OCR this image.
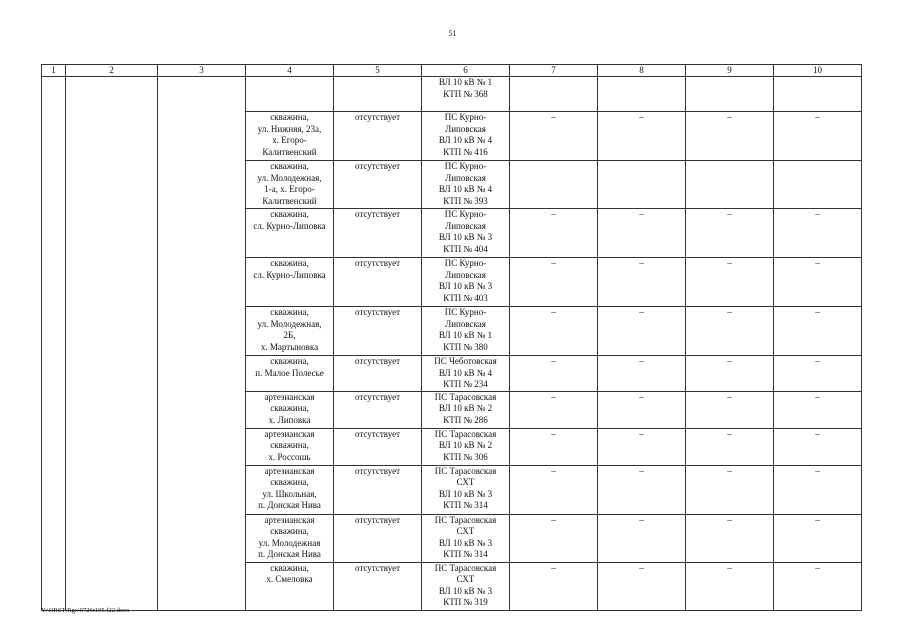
51
1	2	3	4	5	6	7	8	9	10

					ВЛ 10 кВ № 1
КТП № 368				

			скважина,
ул. Нижняя, 23а,
х. Егоро-
Калитвенский	отсутствует	ПС Курно-
Липовская
ВЛ 10 кВ № 4
КТП № 416	–	–	–	–

			скважина,
ул. Молодежная,
1-а, х. Егоро-
Калитвенский	отсутствует	ПС Курно-
Липовская
ВЛ 10 кВ № 4
КТП № 393				

			скважина,
сл. Курно-Липовка	отсутствует	ПС Курно-
Липовская
ВЛ 10 кВ № 3
КТП № 404	–	–	–	–

			скважина,
сл. Курно-Липовка	отсутствует	ПС Курно-
Липовская
ВЛ 10 кВ № 3
КТП № 403	–	–	–	–

			скважина,
ул. Молодежная,
2Б,
х. Мартыновка	отсутствует	ПС Курно-
Липовская
ВЛ 10 кВ № 1
КТП № 380	–	–	–	–

			скважина,
п. Малое Полесье	отсутствует	ПС Чеботовская
ВЛ 10 кВ № 4
КТП № 234	–	–	–	–

			артезианская
скважина,
х. Липовка	отсутствует	ПС Тарасовская
ВЛ 10 кВ № 2
КТП № 286	–	–	–	–

			артезианская
скважина,
х. Россошь	отсутствует	ПС Тарасовская
ВЛ 10 кВ № 2
КТП № 306	–	–	–	–

			артезианская
скважина,
ул. Школьная,
п. Донская Нива	отсутствует	ПС Тарасовская
СХТ
ВЛ 10 кВ № 3
КТП № 314	–	–	–	–

			артезианская
скважина,
ул. Молодежная
п. Донская Нива	отсутствует	ПС Тарасовская
СХТ
ВЛ 10 кВ № 3
КТП № 314	–	–	–	–

			скважина,
х. Смеловка	отсутствует	ПС Тарасовская
СХТ
ВЛ 10 кВ № 3
КТП № 319	–	–	–	–
Y:\ORST\Rgo\0726r195.f22.docx
